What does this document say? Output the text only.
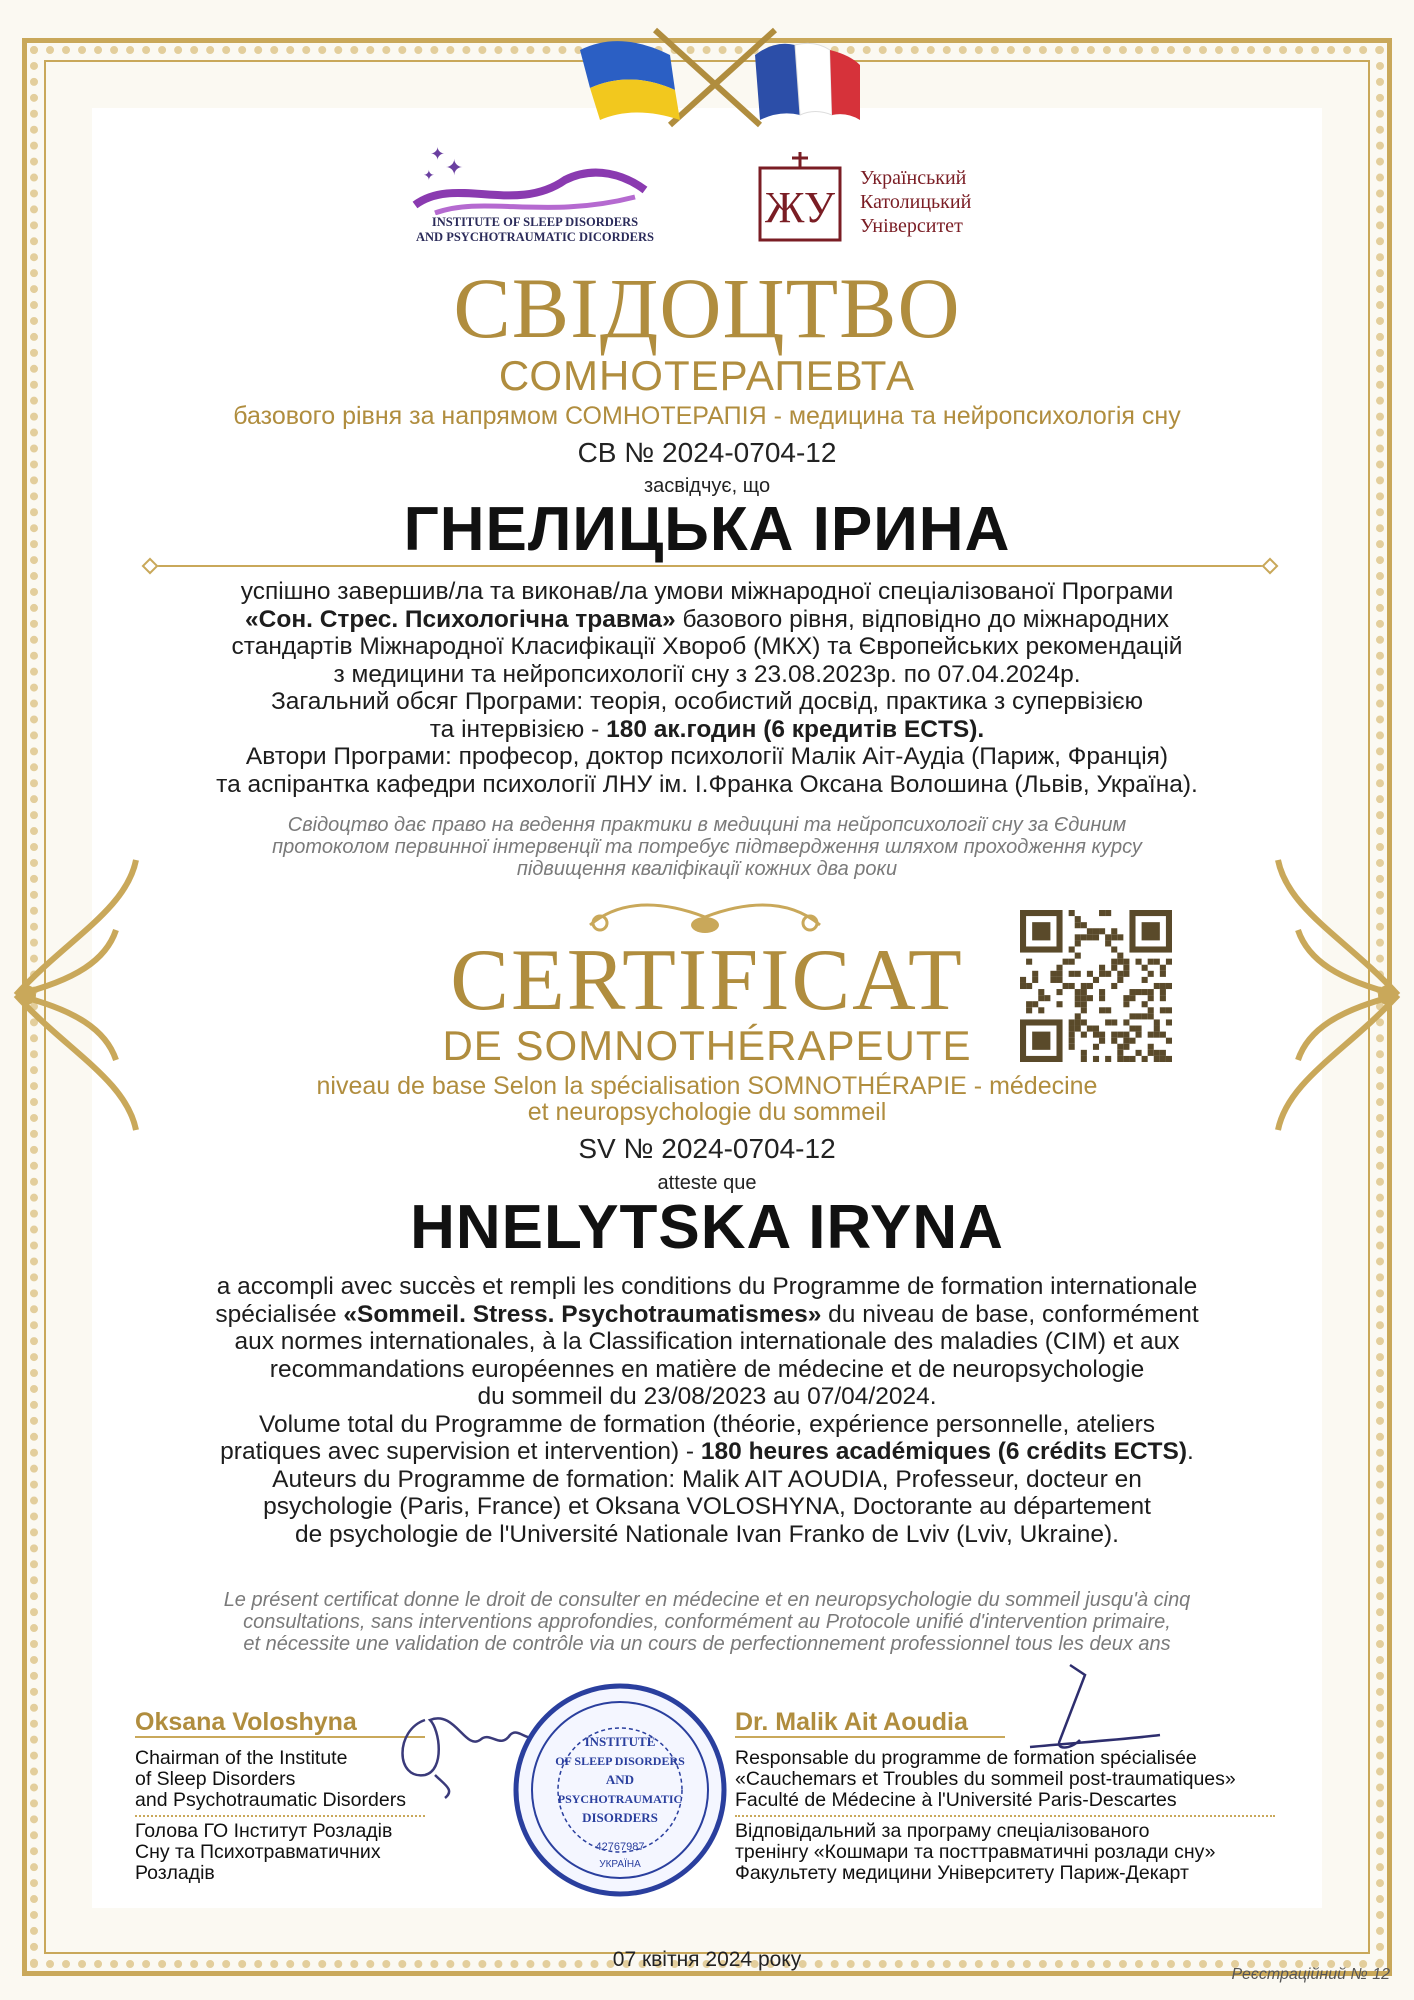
✦
✦
✦
INSTITUTE OF SLEEP DISORDERS
AND PSYCHOTRAUMATIC DICORDERS
ЖУ
Український
Католицький
Університет
СВІДОЦТВО
СОМНОТЕРАПЕВТА
базового рівня за напрямом СОМНОТЕРАПІЯ - медицина та нейропсихологія сну
СВ № 2024-0704-12
засвідчує, що
ГНЕЛИЦЬКА ІРИНА
успішно завершив/ла та виконав/ла умови міжнародної спеціалізованої Програми
«Сон. Стрес. Психологічна травма» базового рівня, відповідно до міжнародних
стандартів Міжнародної Класифікації Хвороб (МКХ) та Європейських рекомендацій
з медицини та нейропсихології сну з 23.08.2023р. по 07.04.2024р.
Загальний обсяг Програми: теорія, особистий досвід, практика з супервізією
та інтервізією - 180 ак.годин (6 кредитів ECTS).
Автори Програми: професор, доктор психології Малік Аіт-Аудіа (Париж, Франція)
та аспірантка кафедри психології ЛНУ ім. І.Франка Оксана Волошина (Львів, Україна).
Свідоцтво дає право на ведення практики в медицині та нейропсихології сну за Єдиним
протоколом первинної інтервенції та потребує підтвердження шляхом проходження курсу
підвищення кваліфікації кожних два роки
CERTIFICAT
DE SOMNOTHÉRAPEUTE
niveau de base Selon la spécialisation SOMNOTHÉRAPIE - médecine
et neuropsychologie du sommeil
SV № 2024-0704-12
atteste que
HNELYTSKA IRYNA
a accompli avec succès et rempli les conditions du Programme de formation internationale
spécialisée «Sommeil. Stress. Psychotraumatismes» du niveau de base, conformément
aux normes internationales, à la Classification internationale des maladies (CIM) et aux
recommandations européennes en matière de médecine et de neuropsychologie
du sommeil du 23/08/2023 au 07/04/2024.
Volume total du Programme de formation (théorie, expérience personnelle, ateliers
pratiques avec supervision et intervention) - 180 heures académiques (6 crédits ECTS).
Auteurs du Programme de formation: Malik AIT AOUDIA, Professeur, docteur en
psychologie (Paris, France) et Oksana VOLOSHYNA, Doctorante au département
de psychologie de l'Université Nationale Ivan Franko de Lviv (Lviv, Ukraine).
Le présent certificat donne le droit de consulter en médecine et en neuropsychologie du sommeil jusqu'à cinq
consultations, sans interventions approfondies, conformément au Protocole unifié d'intervention primaire,
et nécessite une validation de contrôle via un cours de perfectionnement professionnel tous les deux ans
Oksana Voloshyna
Chairman of the Institute
of Sleep Disorders
and Psychotraumatic Disorders
Голова ГО Інститут Розладів
Сну та Психотравматичних
Розладів
INSTITUTE
OF SLEEP DISORDERS
AND
PSYCHOTRAUMATIC
DISORDERS
42767987
УКРАЇНА
Dr. Malik Ait Aoudia
Responsable du programme de formation spécialisée
«Cauchemars et Troubles du sommeil post-traumatiques»
Faculté de Médecine à l'Université Paris-Descartes
Відповідальний за програму спеціалізованого
тренінгу «Кошмари та посттравматичні розлади сну»
Факультету медицини Університету Париж-Декарт
07 квітня 2024 року
Реєстраційний № 12
